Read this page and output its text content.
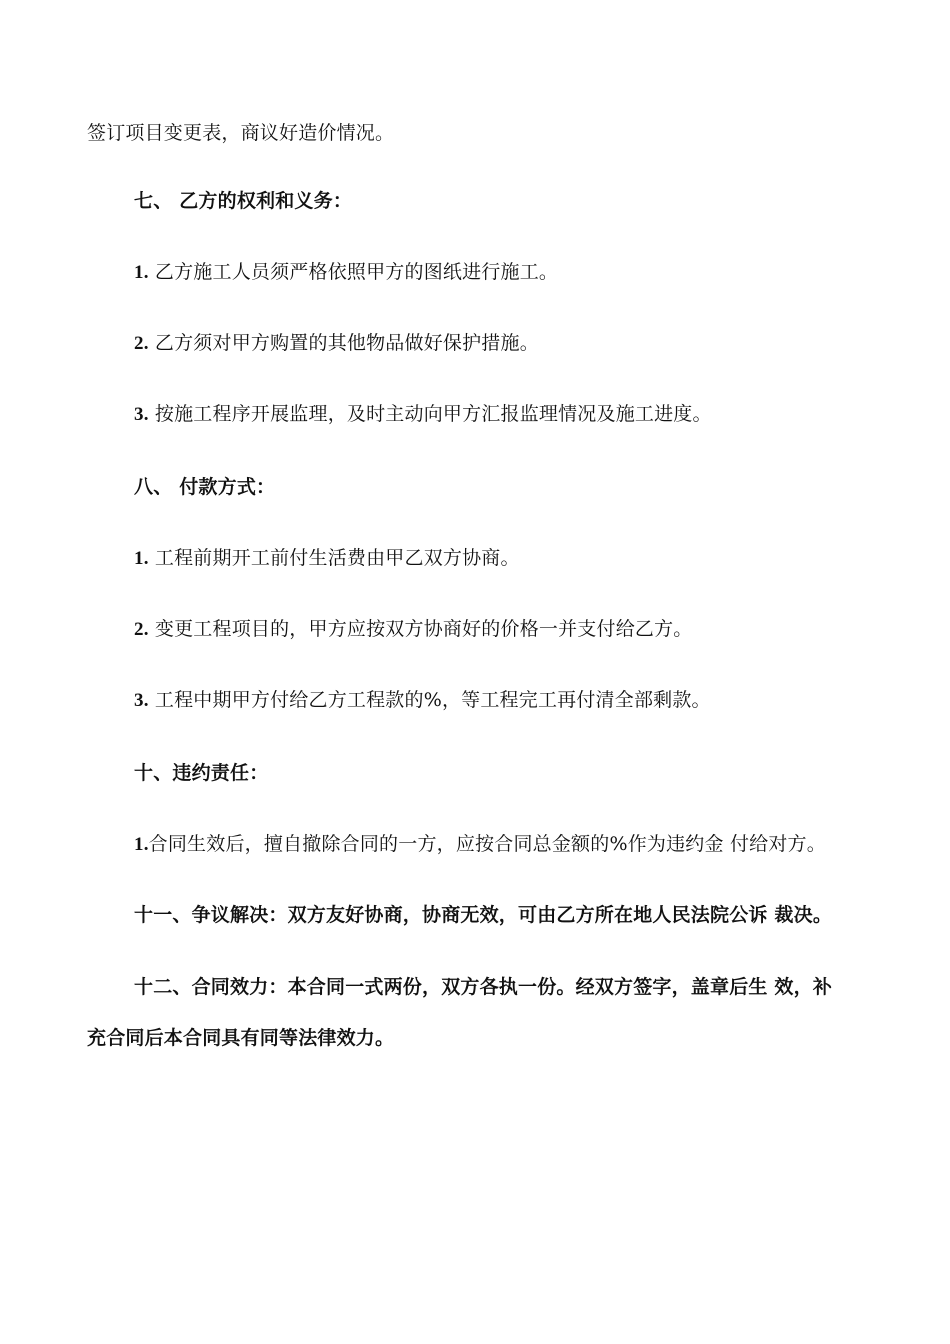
签订项目变更表，商议好造价情况。
七、 乙方的权利和义务：
1. 乙方施工人员须严格依照甲方的图纸进行施工。
2. 乙方须对甲方购置的其他物品做好保护措施。
3. 按施工程序开展监理，及时主动向甲方汇报监理情况及施工进度。
八、 付款方式：
1. 工程前期开工前付生活费由甲乙双方协商。
2. 变更工程项目的，甲方应按双方协商好的价格一并支付给乙方。
3. 工程中期甲方付给乙方工程款的%，等工程完工再付清全部剩款。
十、违约责任：
1.合同生效后，擅自撤除合同的一方，应按合同总金额的%作为违约金 付给对方。
十一、争议解决：双方友好协商，协商无效，可由乙方所在地人民法院公诉 裁决。
十二、合同效力：本合同一式两份，双方各执一份。经双方签字，盖章后生 效，补
充合同后本合同具有同等法律效力。
